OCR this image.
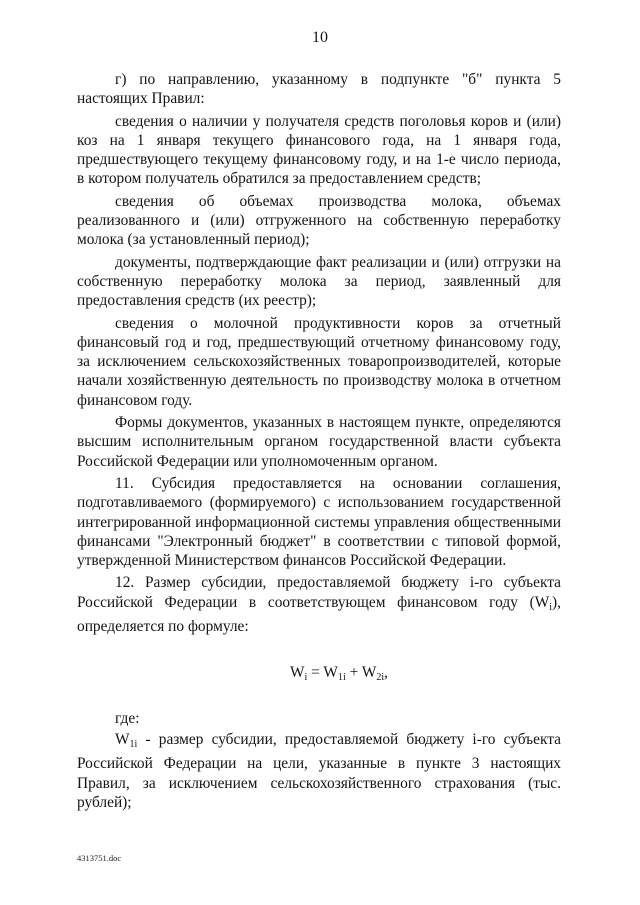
10

г) по направлению, указанному в подпункте "б" пункта 5 настоящих Правил:

сведения о наличии у получателя средств поголовья коров и (или) коз на 1 января текущего финансового года, на 1 января года, предшествующего текущему финансовому году, и на 1-е число периода, в котором получатель обратился за предоставлением средств;

сведения об объемах производства молока, объемах реализованного и (или) отгруженного на собственную переработку молока (за установленный период);

документы, подтверждающие факт реализации и (или) отгрузки на собственную переработку молока за период, заявленный для предоставления средств (их реестр);

сведения о молочной продуктивности коров за отчетный финансовый год и год, предшествующий отчетному финансовому году, за исключением сельскохозяйственных товаропроизводителей, которые начали хозяйственную деятельность по производству молока в отчетном финансовом году.

Формы документов, указанных в настоящем пункте, определяются высшим исполнительным органом государственной власти субъекта Российской Федерации или уполномоченным органом.

11. Субсидия предоставляется на основании соглашения, подготавливаемого (формируемого) с использованием государственной интегрированной информационной системы управления общественными финансами "Электронный бюджет" в соответствии с типовой формой, утвержденной Министерством финансов Российской Федерации.

12. Размер субсидии, предоставляемой бюджету i-го субъекта Российской Федерации в соответствующем финансовом году (Wi), определяется по формуле:

$W_i = W_{1i} + W_{2i}$,

где:

W1i - размер субсидии, предоставляемой бюджету i-го субъекта Российской Федерации на цели, указанные в пункте 3 настоящих Правил, за исключением сельскохозяйственного страхования (тыс. рублей);

4313751.doc
